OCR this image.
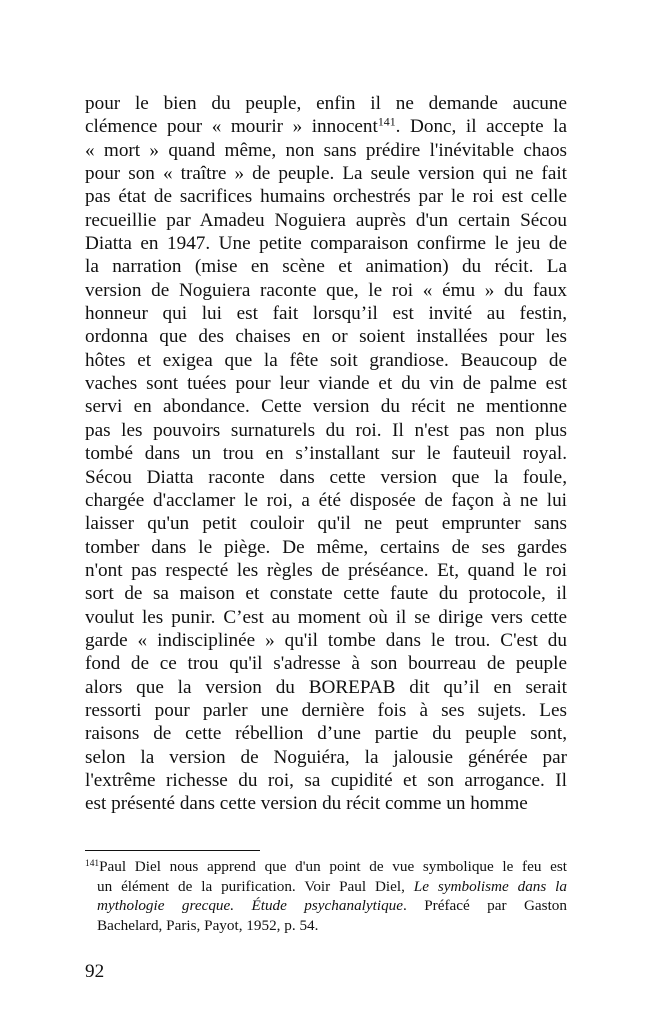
pour le bien du peuple, enfin il ne demande aucune
clémence pour « mourir » innocent$^{141}$. Donc, il accepte la
« mort » quand même, non sans prédire l'inévitable chaos
pour son « traître » de peuple. La seule version qui ne fait
pas état de sacrifices humains orchestrés par le roi est celle
recueillie par Amadeu Noguiera auprès d'un certain Sécou
Diatta en 1947. Une petite comparaison confirme le jeu de
la narration (mise en scène et animation) du récit. La
version de Noguiera raconte que, le roi « ému » du faux
honneur qui lui est fait lorsqu’il est invité au festin,
ordonna que des chaises en or soient installées pour les
hôtes et exigea que la fête soit grandiose. Beaucoup de
vaches sont tuées pour leur viande et du vin de palme est
servi en abondance. Cette version du récit ne mentionne
pas les pouvoirs surnaturels du roi. Il n'est pas non plus
tombé dans un trou en s’installant sur le fauteuil royal.
Sécou Diatta raconte dans cette version que la foule,
chargée d'acclamer le roi, a été disposée de façon à ne lui
laisser qu'un petit couloir qu'il ne peut emprunter sans
tomber dans le piège. De même, certains de ses gardes
n'ont pas respecté les règles de préséance. Et, quand le roi
sort de sa maison et constate cette faute du protocole, il
voulut les punir. C’est au moment où il se dirige vers cette
garde « indisciplinée » qu'il tombe dans le trou. C'est du
fond de ce trou qu'il s'adresse à son bourreau de peuple
alors que la version du BOREPAB dit qu’il en serait
ressorti pour parler une dernière fois à ses sujets. Les
raisons de cette rébellion d’une partie du peuple sont,
selon la version de Noguiéra, la jalousie générée par
l'extrême richesse du roi, sa cupidité et son arrogance. Il
est présenté dans cette version du récit comme un homme
$^{141}$Paul Diel nous apprend que d'un point de vue symbolique le feu est
un élément de la purification. Voir Paul Diel, Le symbolisme dans la
mythologie grecque. Étude psychanalytique. Préfacé par Gaston
Bachelard, Paris, Payot, 1952, p. 54.
92
